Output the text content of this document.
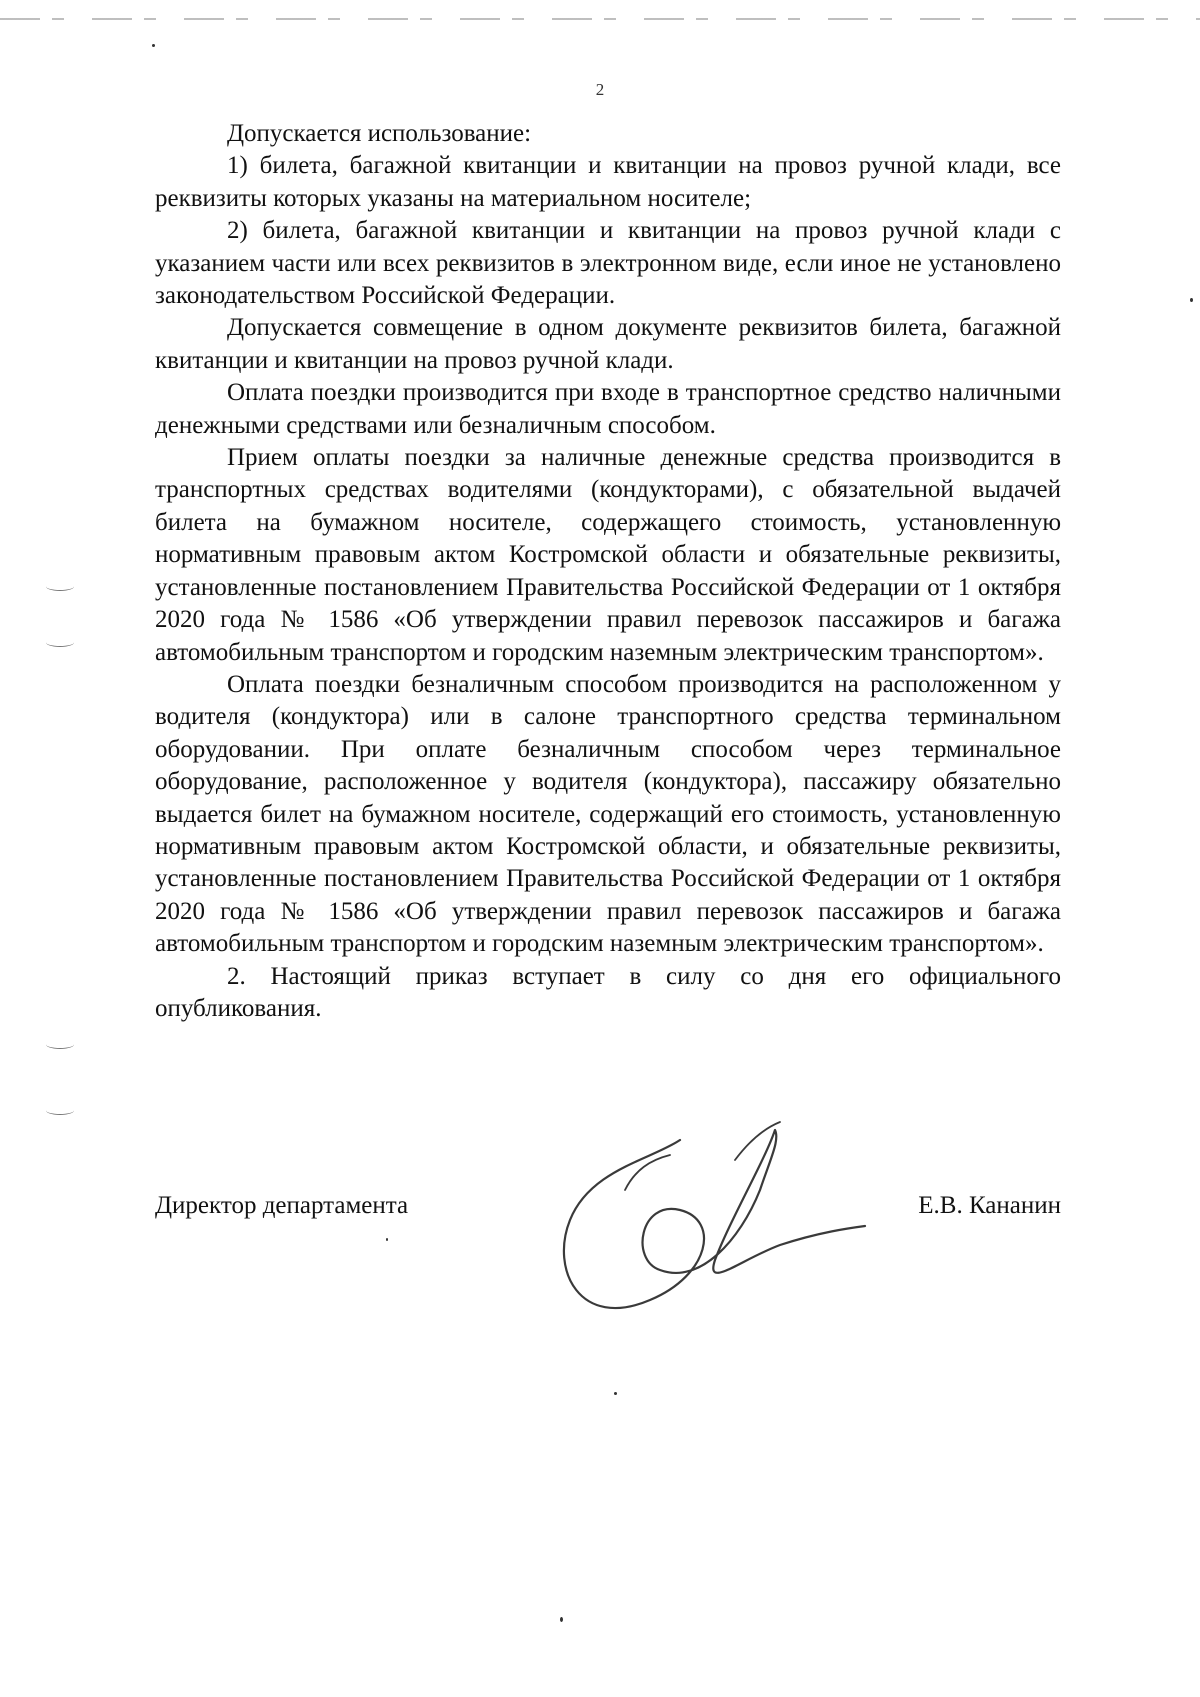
2

Допускается использование:

1) билета, багажной квитанции и квитанции на провоз ручной клади, все реквизиты которых указаны на материальном носителе;

2) билета, багажной квитанции и квитанции на провоз ручной клади с указанием части или всех реквизитов в электронном виде, если иное не установлено законодательством Российской Федерации.

Допускается совмещение в одном документе реквизитов билета, багажной квитанции и квитанции на провоз ручной клади.

Оплата поездки производится при входе в транспортное средство наличными денежными средствами или безналичным способом.

Прием оплаты поездки за наличные денежные средства производится в транспортных средствах водителями (кондукторами), с обязательной выдачей билета на бумажном носителе, содержащего стоимость, установленную нормативным правовым актом Костромской области и обязательные реквизиты, установленные постановлением Правительства Российской Федерации от 1 октября 2020 года № 1586 «Об утверждении правил перевозок пассажиров и багажа автомобильным транспортом и городским наземным электрическим транспортом».

Оплата поездки безналичным способом производится на расположенном у водителя (кондуктора) или в салоне транспортного средства терминальном оборудовании. При оплате безналичным способом через терминальное оборудование, расположенное у водителя (кондуктора), пассажиру обязательно выдается билет на бумажном носителе, содержащий его стоимость, установленную нормативным правовым актом Костромской области, и обязательные реквизиты, установленные постановлением Правительства Российской Федерации от 1 октября 2020 года № 1586 «Об утверждении правил перевозок пассажиров и багажа автомобильным транспортом и городским наземным электрическим транспортом».

2. Настоящий приказ вступает в силу со дня его официального опубликования.

Директор департамента	Е.В. Кананин
